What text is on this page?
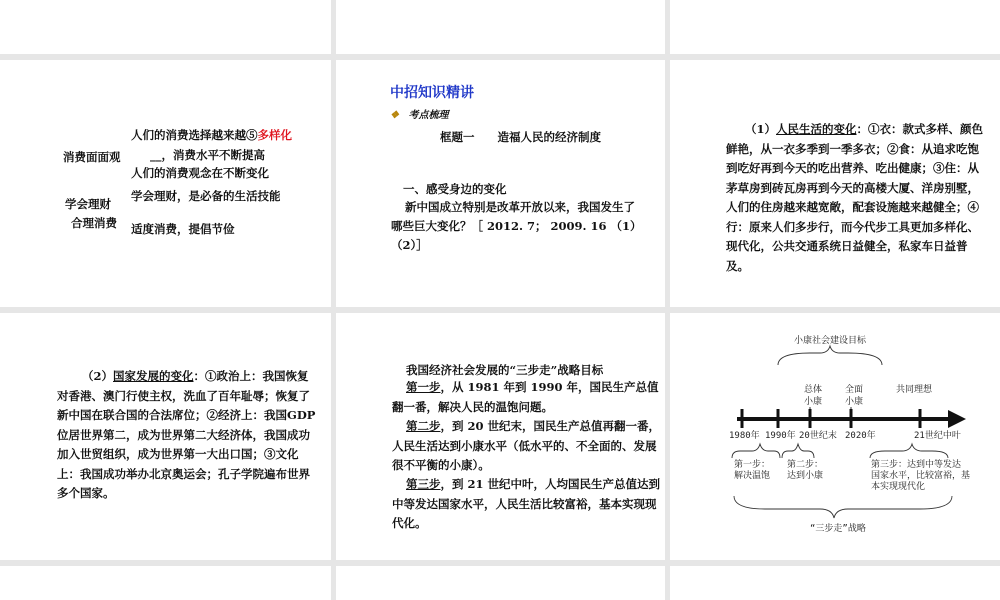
人们的消费选择越来越⑤多样化
消费面面观	__，消费水平不断提高
人们的消费观念在不断变化
学会理财，是必备的生活技能
学会理财
合理消费 适度消费，提倡节俭
中招知识精讲
❖ 考点梳理
框题一　　造福人民的经济制度
一、感受身边的变化
新中国成立特别是改革开放以来，我国发生了
哪些巨大变化？［ 2012. 7； 2009. 16 （1）
（2）］
（1）人民生活的变化：①衣：款式多样、颜色鲜艳，从一衣多季到一季多衣；②食：从追求吃饱到吃好再到今天的吃出营养、吃出健康；③住：从茅草房到砖瓦房再到今天的高楼大厦、洋房别墅，人们的住房越来越宽敞，配套设施越来越健全；④行：原来人们多步行，而今代步工具更加多样化、现代化，公共交通系统日益健全，私家车日益普及。
（2）国家发展的变化：①政治上：我国恢复对香港、澳门行使主权，洗血了百年耻辱；恢复了新中国在联合国的合法席位；②经济上：我国GDP位居世界第二，成为世界第二大经济体，我国成功加入世贸组织，成为世界第一大出口国；③文化上：我国成功举办北京奥运会；孔子学院遍布世界多个国家。
我国经济社会发展的“三步走”战略目标
第一步，从 1981 年到 1990 年，国民生产总值翻一番，解决人民的温饱问题。
第二步，到 20 世纪末，国民生产总值再翻一番，人民生活达到小康水平（低水平的、不全面的、发展很不平衡的小康）。
第三步，到 21 世纪中叶，人均国民生产总值达到中等发达国家水平，人民生活比较富裕，基本实现现代化。
小康社会建设目标
总体
小康
全面
小康
共同理想
1980年 1990年 20世纪末 2020年	21世纪中叶
第一步：
解决温饱
第二步：
达到小康
第三步：达到中等发达
国家水平，比较富裕，基
本实现现代化
“三步走”战略
